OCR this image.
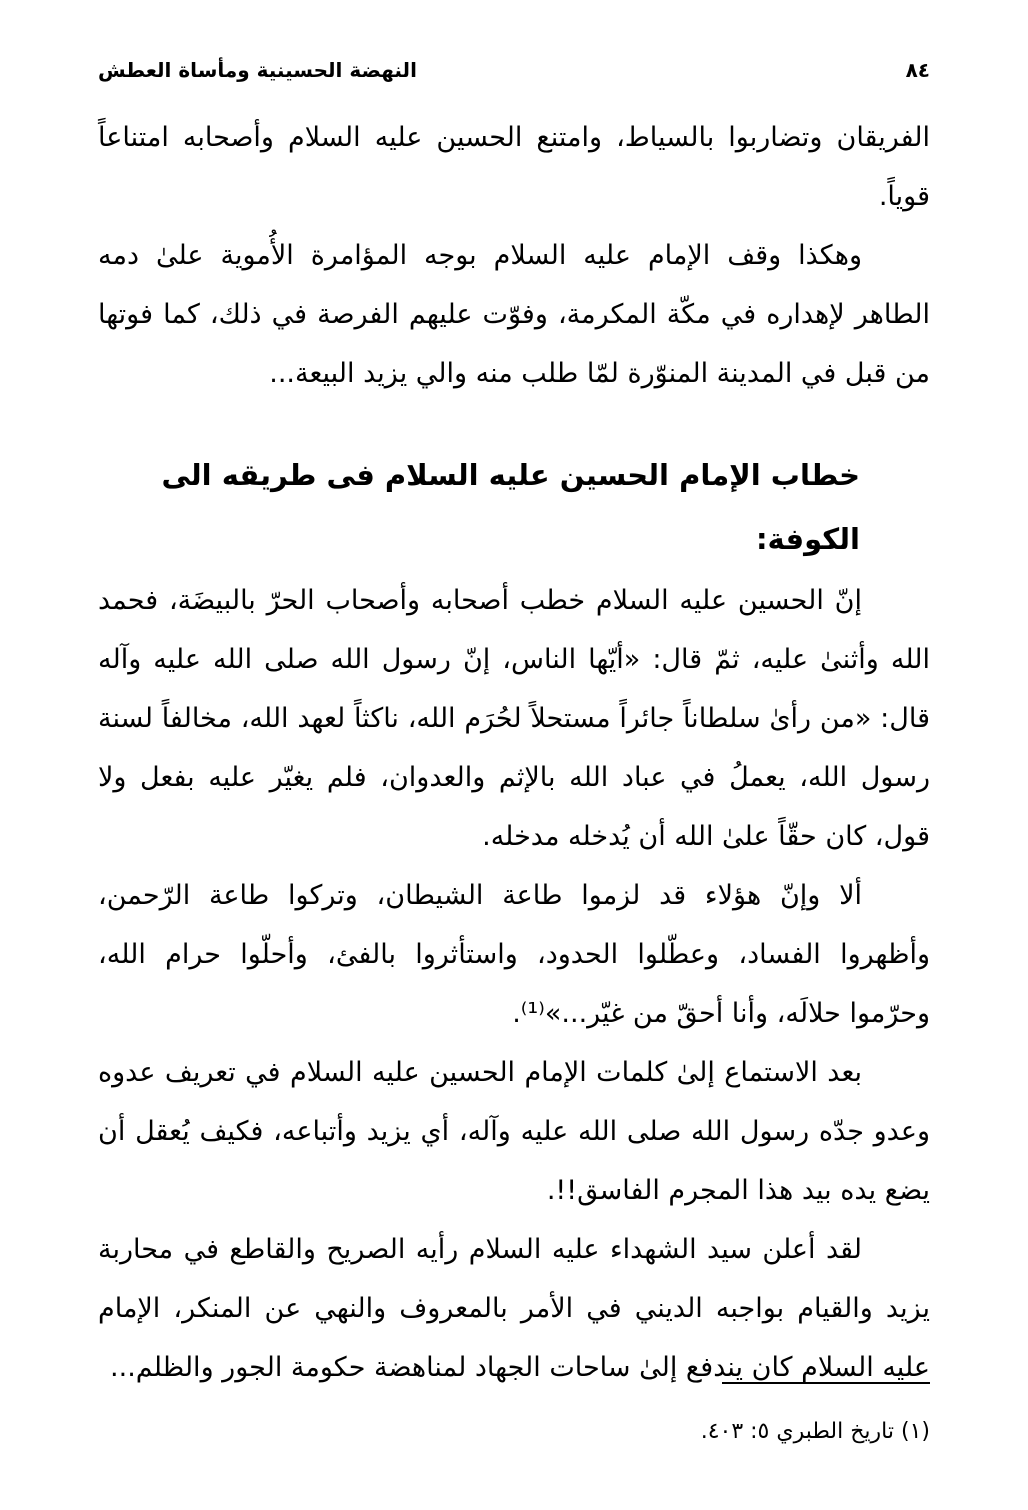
٨٤
النهضة الحسينية ومأساة العطش

الفريقان وتضاربوا بالسياط، وامتنع الحسين عليه السلام وأصحابه امتناعاً قوياً.

وهكذا وقف الإمام عليه السلام بوجه المؤامرة الأُموية علىٰ دمه الطاهر لإهداره في مكّة المكرمة، وفوّت عليهم الفرصة في ذلك، كما فوتها من قبل في المدينة المنوّرة لمّا طلب منه والي يزيد البيعة...

خطاب الإمام الحسين عليه السلام فى طريقه الى الكوفة:

إنّ الحسين عليه السلام خطب أصحابه وأصحاب الحرّ بالبيضَة، فحمد الله وأثنىٰ عليه، ثمّ قال: «أيّها الناس، إنّ رسول الله صلى الله عليه وآله قال: «من رأىٰ سلطاناً جائراً مستحلاً لحُرَم الله، ناكثاً لعهد الله، مخالفاً لسنة رسول الله، يعملُ في عباد الله بالإثم والعدوان، فلم يغيّر عليه بفعل ولا قول، كان حقّاً علىٰ الله أن يُدخله مدخله.

ألا وإنّ هؤلاء قد لزموا طاعة الشيطان، وتركوا طاعة الرّحمن، وأظهروا الفساد، وعطّلوا الحدود، واستأثروا بالفئ، وأحلّوا حرام الله، وحرّموا حلالَه، وأنا أحقّ من غيّر...»⁽¹⁾.

بعد الاستماع إلىٰ كلمات الإمام الحسين عليه السلام في تعريف عدوه وعدو جدّه رسول الله صلى الله عليه وآله، أي يزيد وأتباعه، فكيف يُعقل أن يضع يده بيد هذا المجرم الفاسق!!.

لقد أعلن سيد الشهداء عليه السلام رأيه الصريح والقاطع في محاربة يزيد والقيام بواجبه الديني في الأمر بالمعروف والنهي عن المنكر، الإمام عليه السلام كان يندفع إلىٰ ساحات الجهاد لمناهضة حكومة الجور والظلم...

(١) تاريخ الطبري ٥: ٤٠٣.
